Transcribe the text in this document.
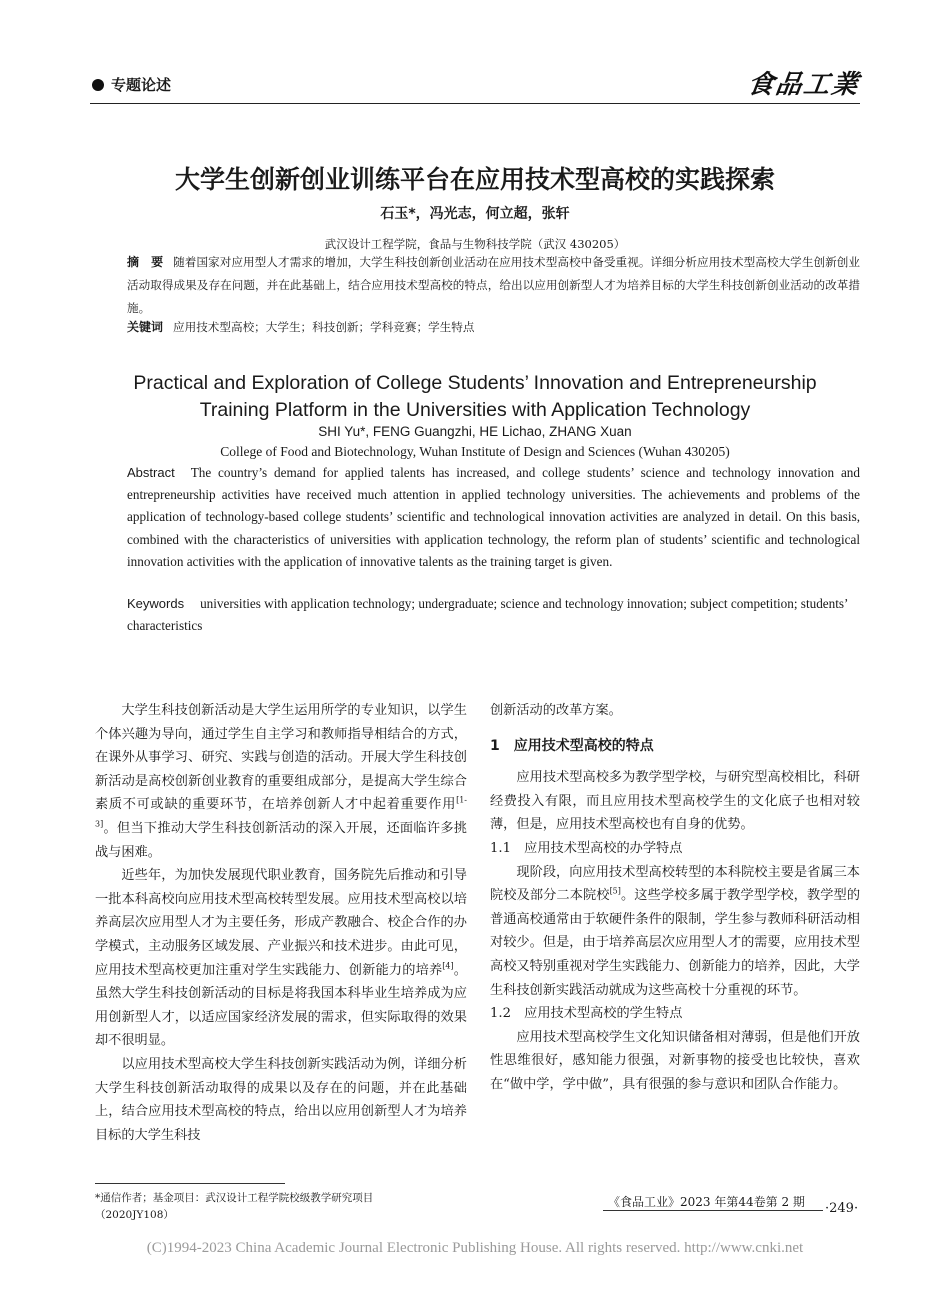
专题论述	食品工業
大学生创新创业训练平台在应用技术型高校的实践探索
石玉*，冯光志，何立超，张轩
武汉设计工程学院，食品与生物科技学院（武汉 430205）
摘　要 随着国家对应用型人才需求的增加，大学生科技创新创业活动在应用技术型高校中备受重视。详细分析应用技术型高校大学生创新创业活动取得成果及存在问题，并在此基础上，结合应用技术型高校的特点，给出以应用创新型人才为培养目标的大学生科技创新创业活动的改革措施。
关键词 应用技术型高校；大学生；科技创新；学科竞赛；学生特点
Practical and Exploration of College Students’ Innovation and Entrepreneurship
Training Platform in the Universities with Application Technology
SHI Yu*, FENG Guangzhi, HE Lichao, ZHANG Xuan
College of Food and Biotechnology, Wuhan Institute of Design and Sciences (Wuhan 430205)
Abstract The country’s demand for applied talents has increased, and college students’ science and technology innovation and entrepreneurship activities have received much attention in applied technology universities. The achievements and problems of the application of technology-based college students’ scientific and technological innovation activities are analyzed in detail. On this basis, combined with the characteristics of universities with application technology, the reform plan of students’ scientific and technological innovation activities with the application of innovative talents as the training target is given.
Keywords universities with application technology; undergraduate; science and technology innovation; subject competition; students’ characteristics

大学生科技创新活动是大学生运用所学的专业知识，以学生个体兴趣为导向，通过学生自主学习和教师指导相结合的方式，在课外从事学习、研究、实践与创造的活动。开展大学生科技创新活动是高校创新创业教育的重要组成部分，是提高大学生综合素质不可或缺的重要环节，在培养创新人才中起着重要作用[1-3]。但当下推动大学生科技创新活动的深入开展，还面临许多挑战与困难。

近些年，为加快发展现代职业教育，国务院先后推动和引导一批本科高校向应用技术型高校转型发展。应用技术型高校以培养高层次应用型人才为主要任务，形成产教融合、校企合作的办学模式，主动服务区域发展、产业振兴和技术进步。由此可见，应用技术型高校更加注重对学生实践能力、创新能力的培养[4]。虽然大学生科技创新活动的目标是将我国本科毕业生培养成为应用创新型人才，以适应国家经济发展的需求，但实际取得的效果却不很明显。

以应用技术型高校大学生科技创新实践活动为例，详细分析大学生科技创新活动取得的成果以及存在的问题，并在此基础上，结合应用技术型高校的特点，给出以应用创新型人才为培养目标的大学生科技

创新活动的改革方案。

1　应用技术型高校的特点

应用技术型高校多为教学型学校，与研究型高校相比，科研经费投入有限，而且应用技术型高校学生的文化底子也相对较薄，但是，应用技术型高校也有自身的优势。

1.1　应用技术型高校的办学特点

现阶段，向应用技术型高校转型的本科院校主要是省属三本院校及部分二本院校[5]。这些学校多属于教学型学校，教学型的普通高校通常由于软硬件条件的限制，学生参与教师科研活动相对较少。但是，由于培养高层次应用型人才的需要，应用技术型高校又特别重视对学生实践能力、创新能力的培养，因此，大学生科技创新实践活动就成为这些高校十分重视的环节。

1.2　应用技术型高校的学生特点

应用技术型高校学生文化知识储备相对薄弱，但是他们开放性思维很好，感知能力很强，对新事物的接受也比较快，喜欢在“做中学，学中做”，具有很强的参与意识和团队合作能力。

*通信作者；基金项目：武汉设计工程学院校级教学研究项目
（2020JY108）
《食品工业》2023 年第44卷第 2 期 ·249·
(C)1994-2023 China Academic Journal Electronic Publishing House. All rights reserved. http://www.cnki.net
